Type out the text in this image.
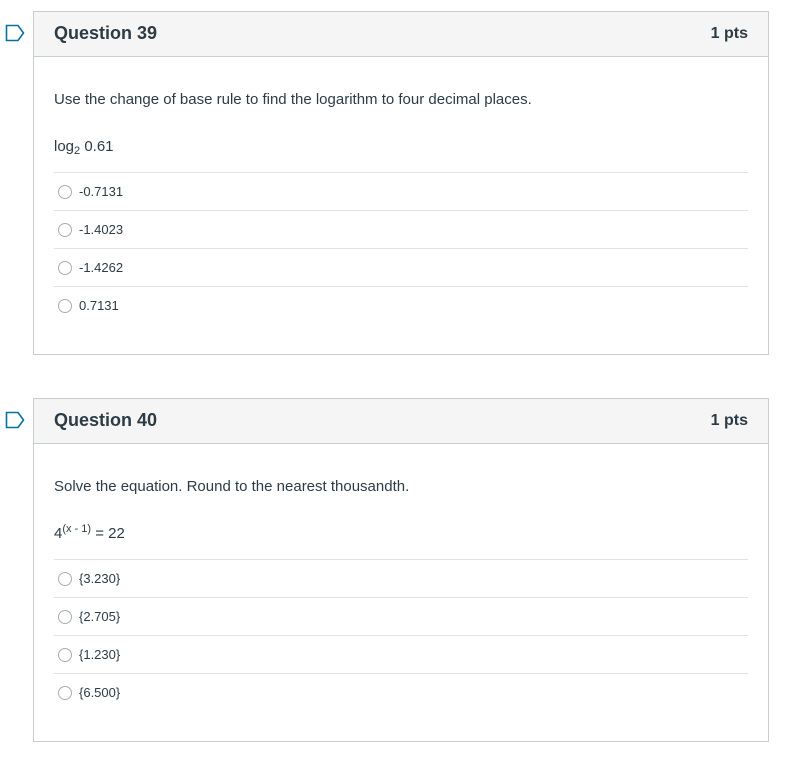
Question 39	1 pts

Use the change of base rule to find the logarithm to four decimal places.

$\log_2 0.61$

-0.7131
-1.4023
-1.4262
0.7131
Question 40	1 pts

Solve the equation. Round to the nearest thousandth.

$4^{(x - 1)} = 22$

{3.230}
{2.705}
{1.230}
{6.500}
